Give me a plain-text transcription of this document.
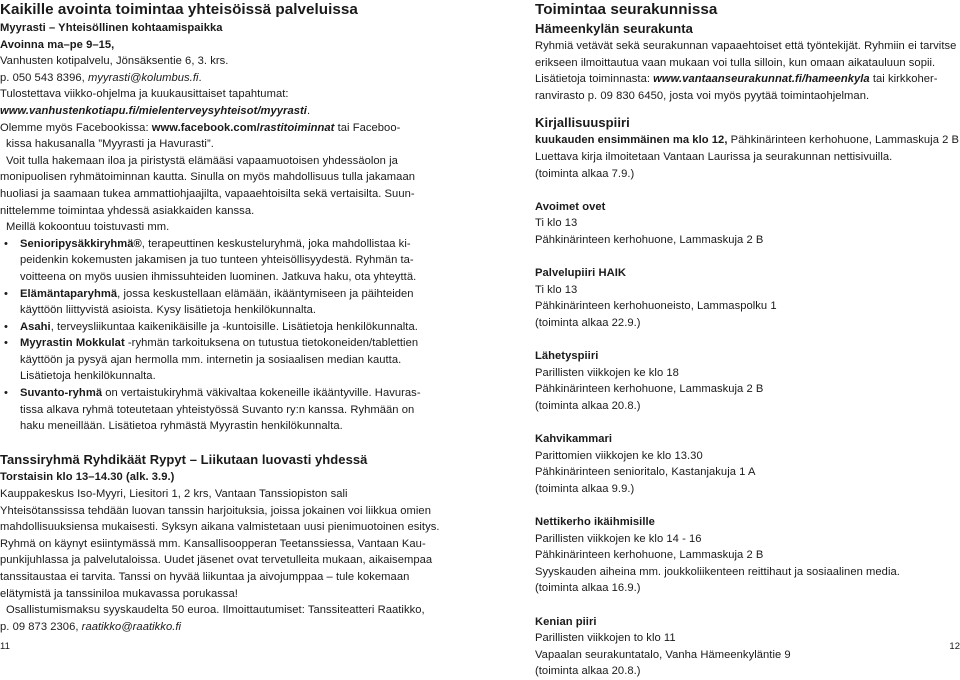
Kaikille avointa toimintaa yhteisöissä palveluissa
Myyrasti – Yhteisöllinen kohtaamispaikka
Avoinna ma–pe 9–15,
Vanhusten kotipalvelu, Jönsäksentie 6, 3. krs.
p. 050 543 8396, myyrasti@kolumbus.fi.
Tulostettava viikko-ohjelma ja kuukausittaiset tapahtumat:
www.vanhustenkotiapu.fi/mielenterveysyhteisot/myyrasti.
Olemme myös Facebookissa: www.facebook.com/rastitoiminnat tai Faceboo-
kissa hakusanalla ”Myyrasti ja Havurasti”.
Voit tulla hakemaan iloa ja piristystä elämääsi vapaamuotoisen yhdessäolon ja
monipuolisen ryhmätoiminnan kautta. Sinulla on myös mahdollisuus tulla jakamaan
huoliasi ja saamaan tukea ammattiohjaajilta, vapaaehtoisilta sekä vertaisilta. Suun-
nittelemme toimintaa yhdessä asiakkaiden kanssa.
Meillä kokoontuu toistuvasti mm.
• Senioripysäkkiryhmä®, terapeuttinen keskusteluryhmä, joka mahdollistaa ki-
peidenkin kokemusten jakamisen ja tuo tunteen yhteisöllisyydestä. Ryhmän ta-
voitteena on myös uusien ihmissuhteiden luominen. Jatkuva haku, ota yhteyttä.
• Elämäntaparyhmä, jossa keskustellaan elämään, ikääntymiseen ja päihteiden
käyttöön liittyvistä asioista. Kysy lisätietoja henkilökunnalta.
• Asahi, terveysliikuntaa kaikenikäisille ja -kuntoisille. Lisätietoja henkilökunnalta.
• Myyrastin Mokkulat -ryhmän tarkoituksena on tutustua tietokoneiden/tablettien
käyttöön ja pysyä ajan hermolla mm. internetin ja sosiaalisen median kautta.
Lisätietoja henkilökunnalta.
• Suvanto-ryhmä on vertaistukiryhmä väkivaltaa kokeneille ikääntyville. Havuras-
tissa alkava ryhmä toteutetaan yhteistyössä Suvanto ry:n kanssa. Ryhmään on
haku meneillään. Lisätietoa ryhmästä Myyrastin henkilökunnalta.
Tanssiryhmä Ryhdikäät Rypyt – Liikutaan luovasti yhdessä
Torstaisin klo 13–14.30 (alk. 3.9.)
Kauppakeskus Iso-Myyri, Liesitori 1, 2 krs, Vantaan Tanssiopiston sali
Yhteisötanssissa tehdään luovan tanssin harjoituksia, joissa jokainen voi liikkua omien
mahdollisuuksiensa mukaisesti. Syksyn aikana valmistetaan uusi pienimuotoinen esitys.
Ryhmä on käynyt esiintymässä mm. Kansallisoopperan Teetanssiessa, Vantaan Kau-
punkijuhlassa ja palvelutaloissa. Uudet jäsenet ovat tervetulleita mukaan, aikaisempaa
tanssitaustaa ei tarvita. Tanssi on hyvää liikuntaa ja aivojumppaa – tule kokemaan
elätymistä ja tanssiniloa mukavassa porukassa!
Osallistumismaksu syyskaudelta 50 euroa. Ilmoittautumiset: Tanssiteatteri Raatikko,
p. 09 873 2306, raatikko@raatikko.fi
Toimintaa seurakunnissa
Hämeenkylän seurakunta
Ryhmiä vetävät sekä seurakunnan vapaaehtoiset että työntekijät. Ryhmiin ei tarvitse
erikseen ilmoittautua vaan mukaan voi tulla silloin, kun omaan aikatauluun sopii.
Lisätietoja toiminnasta: www.vantaanseurakunnat.fi/hameenkyla tai kirkkoher-
ranvirasto p. 09 830 6450, josta voi myös pyytää toimintaohjelman.
Kirjallisuuspiiri
kuukauden ensimmäinen ma klo 12, Pähkinärinteen kerhohuone, Lammaskuja 2 B
Luettava kirja ilmoitetaan Vantaan Laurissa ja seurakunnan nettisivuilla.
(toiminta alkaa 7.9.)
Avoimet ovet
Ti klo 13
Pähkinärinteen kerhohuone, Lammaskuja 2 B
Palvelupiiri HAIK
Ti klo 13
Pähkinärinteen kerhohuoneisto, Lammaspolku 1
(toiminta alkaa 22.9.)
Lähetyspiiri
Parillisten viikkojen ke klo 18
Pähkinärinteen kerhohuone, Lammaskuja 2 B
(toiminta alkaa 20.8.)
Kahvikammari
Parittomien viikkojen ke klo 13.30
Pähkinärinteen senioritalo, Kastanjakuja 1 A
(toiminta alkaa 9.9.)
Nettikerho ikäihmisille
Parillisten viikkojen ke klo 14 - 16
Pähkinärinteen kerhohuone, Lammaskuja 2 B
Syyskauden aiheina mm. joukkoliikenteen reittihaut ja sosiaalinen media.
(toiminta alkaa 16.9.)
Kenian piiri
Parillisten viikkojen to klo 11
Vapaalan seurakuntatalo, Vanha Hämeenkyläntie 9
(toiminta alkaa 20.8.)
11	12
